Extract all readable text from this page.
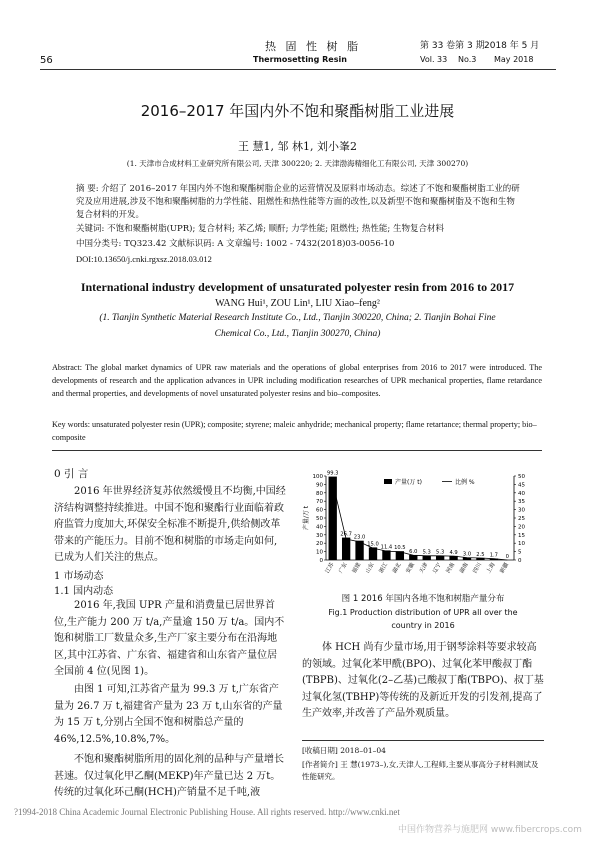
热 固 性 树 脂
Thermosetting Resin
56
第 33 卷第 3 期 2018 年 5 月
Vol. 33 No.3 May 2018
2016–2017 年国内外不饱和聚酯树脂工业进展
王 慧1, 邹 林1, 刘小峯2
(1. 天津市合成材料工业研究所有限公司, 天津 300220; 2. 天津渤海精细化工有限公司, 天津 300270)
摘 要: 介绍了 2016–2017 年国内外不饱和聚酯树脂企业的运营情况及原料市场动态。综述了不饱和聚酯树脂工业的研究及应用进展,涉及不饱和聚酯树脂的力学性能、阻燃性和热性能等方面的改性,以及新型不饱和聚酯树脂及不饱和生物复合材料的开发。
关键词: 不饱和聚酯树脂(UPR); 复合材料; 苯乙烯; 顺酐; 力学性能; 阻燃性; 热性能; 生物复合材料
中国分类号: TQ323.42 文献标识码: A 文章编号: 1002 - 7432(2018)03-0056-10
DOI:10.13650/j.cnki.rgxsz.2018.03.012
International industry development of unsaturated polyester resin from 2016 to 2017
WANG Hui¹, ZOU Lin¹, LIU Xiao–feng²
(1. Tianjin Synthetic Material Research Institute Co., Ltd., Tianjin 300220, China; 2. Tianjin Bohai Fine
Chemical Co., Ltd., Tianjin 300270, China)
Abstract: The global market dynamics of UPR raw materials and the operations of global enterprises from 2016 to 2017 were introduced. The developments of research and the application advances in UPR including modification researches of UPR mechanical properties, flame retardance and thermal properties, and developments of novel unsaturated polyester resins and bio–composites.
Key words: unsaturated polyester resin (UPR); composite; styrene; maleic anhydride; mechanical property; flame retartance; thermal property; bio–composite
0 引 言
2016 年世界经济复苏依然缓慢且不均衡,中国经济结构调整持续推进。中国不饱和聚酯行业面临着政府监管力度加大,环保安全标准不断提升,供给侧改革带来的产能压力。目前不饱和树脂的市场走向如何,已成为人们关注的焦点。
1 市场动态
1.1 国内动态
2016 年,我国 UPR 产量和消费量已居世界首位,生产能力 200 万 t/a,产量逾 150 万 t/a。国内不饱和树脂工厂数量众多,生产厂家主要分布在沿海地区,其中江苏省、广东省、福建省和山东省产量位居全国前 4 位(见图 1)。
由图 1 可知,江苏省产量为 99.3 万 t,广东省产量为 26.7 万 t,福建省产量为 23 万 t,山东省的产量为 15 万 t,分别占全国不饱和树脂总产量的 46%,12.5%,10.8%,7%。
不饱和聚酯树脂所用的固化剂的品种与产量增长甚速。仅过氧化甲乙酮(MEKP)年产量已达 2 万t。传统的过氧化环己酮(HCH)产销量不足千吨,液
0
10
20
30
40
50
60
70
80
90
100
0
5
10
15
20
25
30
35
40
45
50
产量/万 t
99.3
江苏
26.7
广东
23.0
福建
15.0
山东
11.4
浙江
10.5
湖北
6.0
安徽
5.3
天津
5.3
辽宁
4.9
河南
3.0
湖南
2.5
四川
1.7
上海
0
新疆
产量(万 t)	比例 %
图 1 2016 年国内各地不饱和树脂产量分布
Fig.1 Production distribution of UPR all over the
country in 2016
体 HCH 尚有少量市场,用于钢琴涂料等要求较高的领域。过氧化苯甲酰(BPO)、过氧化苯甲酸叔丁酯(TBPB)、过氧化(2–乙基)己酸叔丁酯(TBPO)、叔丁基过氧化氢(TBHP)等传统的及新近开发的引发剂,提高了生产效率,并改善了产品外观质量。
[收稿日期] 2018–01–04
[作者简介] 王 慧(1973–),女,天津人,工程师,主要从事高分子材料测试及性能研究。
?1994-2018 China Academic Journal Electronic Publishing House. All rights reserved. http://www.cnki.net
中国作物营养与施肥网 www.fibercrops.com
